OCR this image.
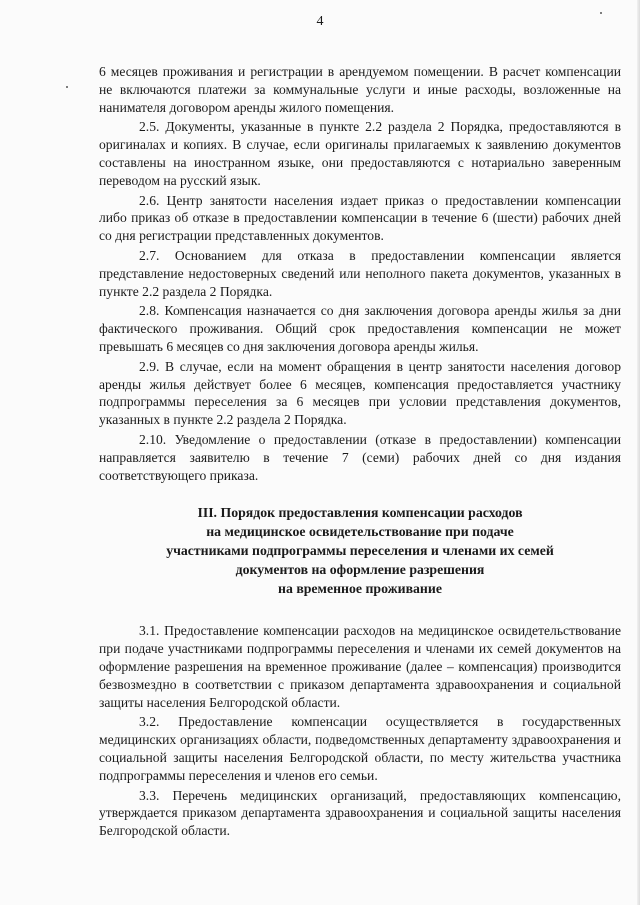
4

6 месяцев проживания и регистрации в арендуемом помещении. В расчет компенсации не включаются платежи за коммунальные услуги и иные расходы, возложенные на нанимателя договором аренды жилого помещения.

2.5. Документы, указанные в пункте 2.2 раздела 2 Порядка, предоставляются в оригиналах и копиях. В случае, если оригиналы прилагаемых к заявлению документов составлены на иностранном языке, они предоставляются с нотариально заверенным переводом на русский язык.

2.6. Центр занятости населения издает приказ о предоставлении компенсации либо приказ об отказе в предоставлении компенсации в течение 6 (шести) рабочих дней со дня регистрации представленных документов.

2.7. Основанием для отказа в предоставлении компенсации является представление недостоверных сведений или неполного пакета документов, указанных в пункте 2.2 раздела 2 Порядка.

2.8. Компенсация назначается со дня заключения договора аренды жилья за дни фактического проживания. Общий срок предоставления компенсации не может превышать 6 месяцев со дня заключения договора аренды жилья.

2.9. В случае, если на момент обращения в центр занятости населения договор аренды жилья действует более 6 месяцев, компенсация предоставляется участнику подпрограммы переселения за 6 месяцев при условии представления документов, указанных в пункте 2.2 раздела 2 Порядка.

2.10. Уведомление о предоставлении (отказе в предоставлении) компенсации направляется заявителю в течение 7 (семи) рабочих дней со дня издания соответствующего приказа.

III. Порядок предоставления компенсации расходов
на медицинское освидетельствование при подаче
участниками подпрограммы переселения и членами их семей
документов на оформление разрешения
на временное проживание

3.1. Предоставление компенсации расходов на медицинское освидетельствование при подаче участниками подпрограммы переселения и членами их семей документов на оформление разрешения на временное проживание (далее – компенсация) производится безвозмездно в соответствии с приказом департамента здравоохранения и социальной защиты населения Белгородской области.

3.2. Предоставление компенсации осуществляется в государственных медицинских организациях области, подведомственных департаменту здравоохранения и социальной защиты населения Белгородской области, по месту жительства участника подпрограммы переселения и членов его семьи.

3.3. Перечень медицинских организаций, предоставляющих компенсацию, утверждается приказом департамента здравоохранения и социальной защиты населения Белгородской области.
